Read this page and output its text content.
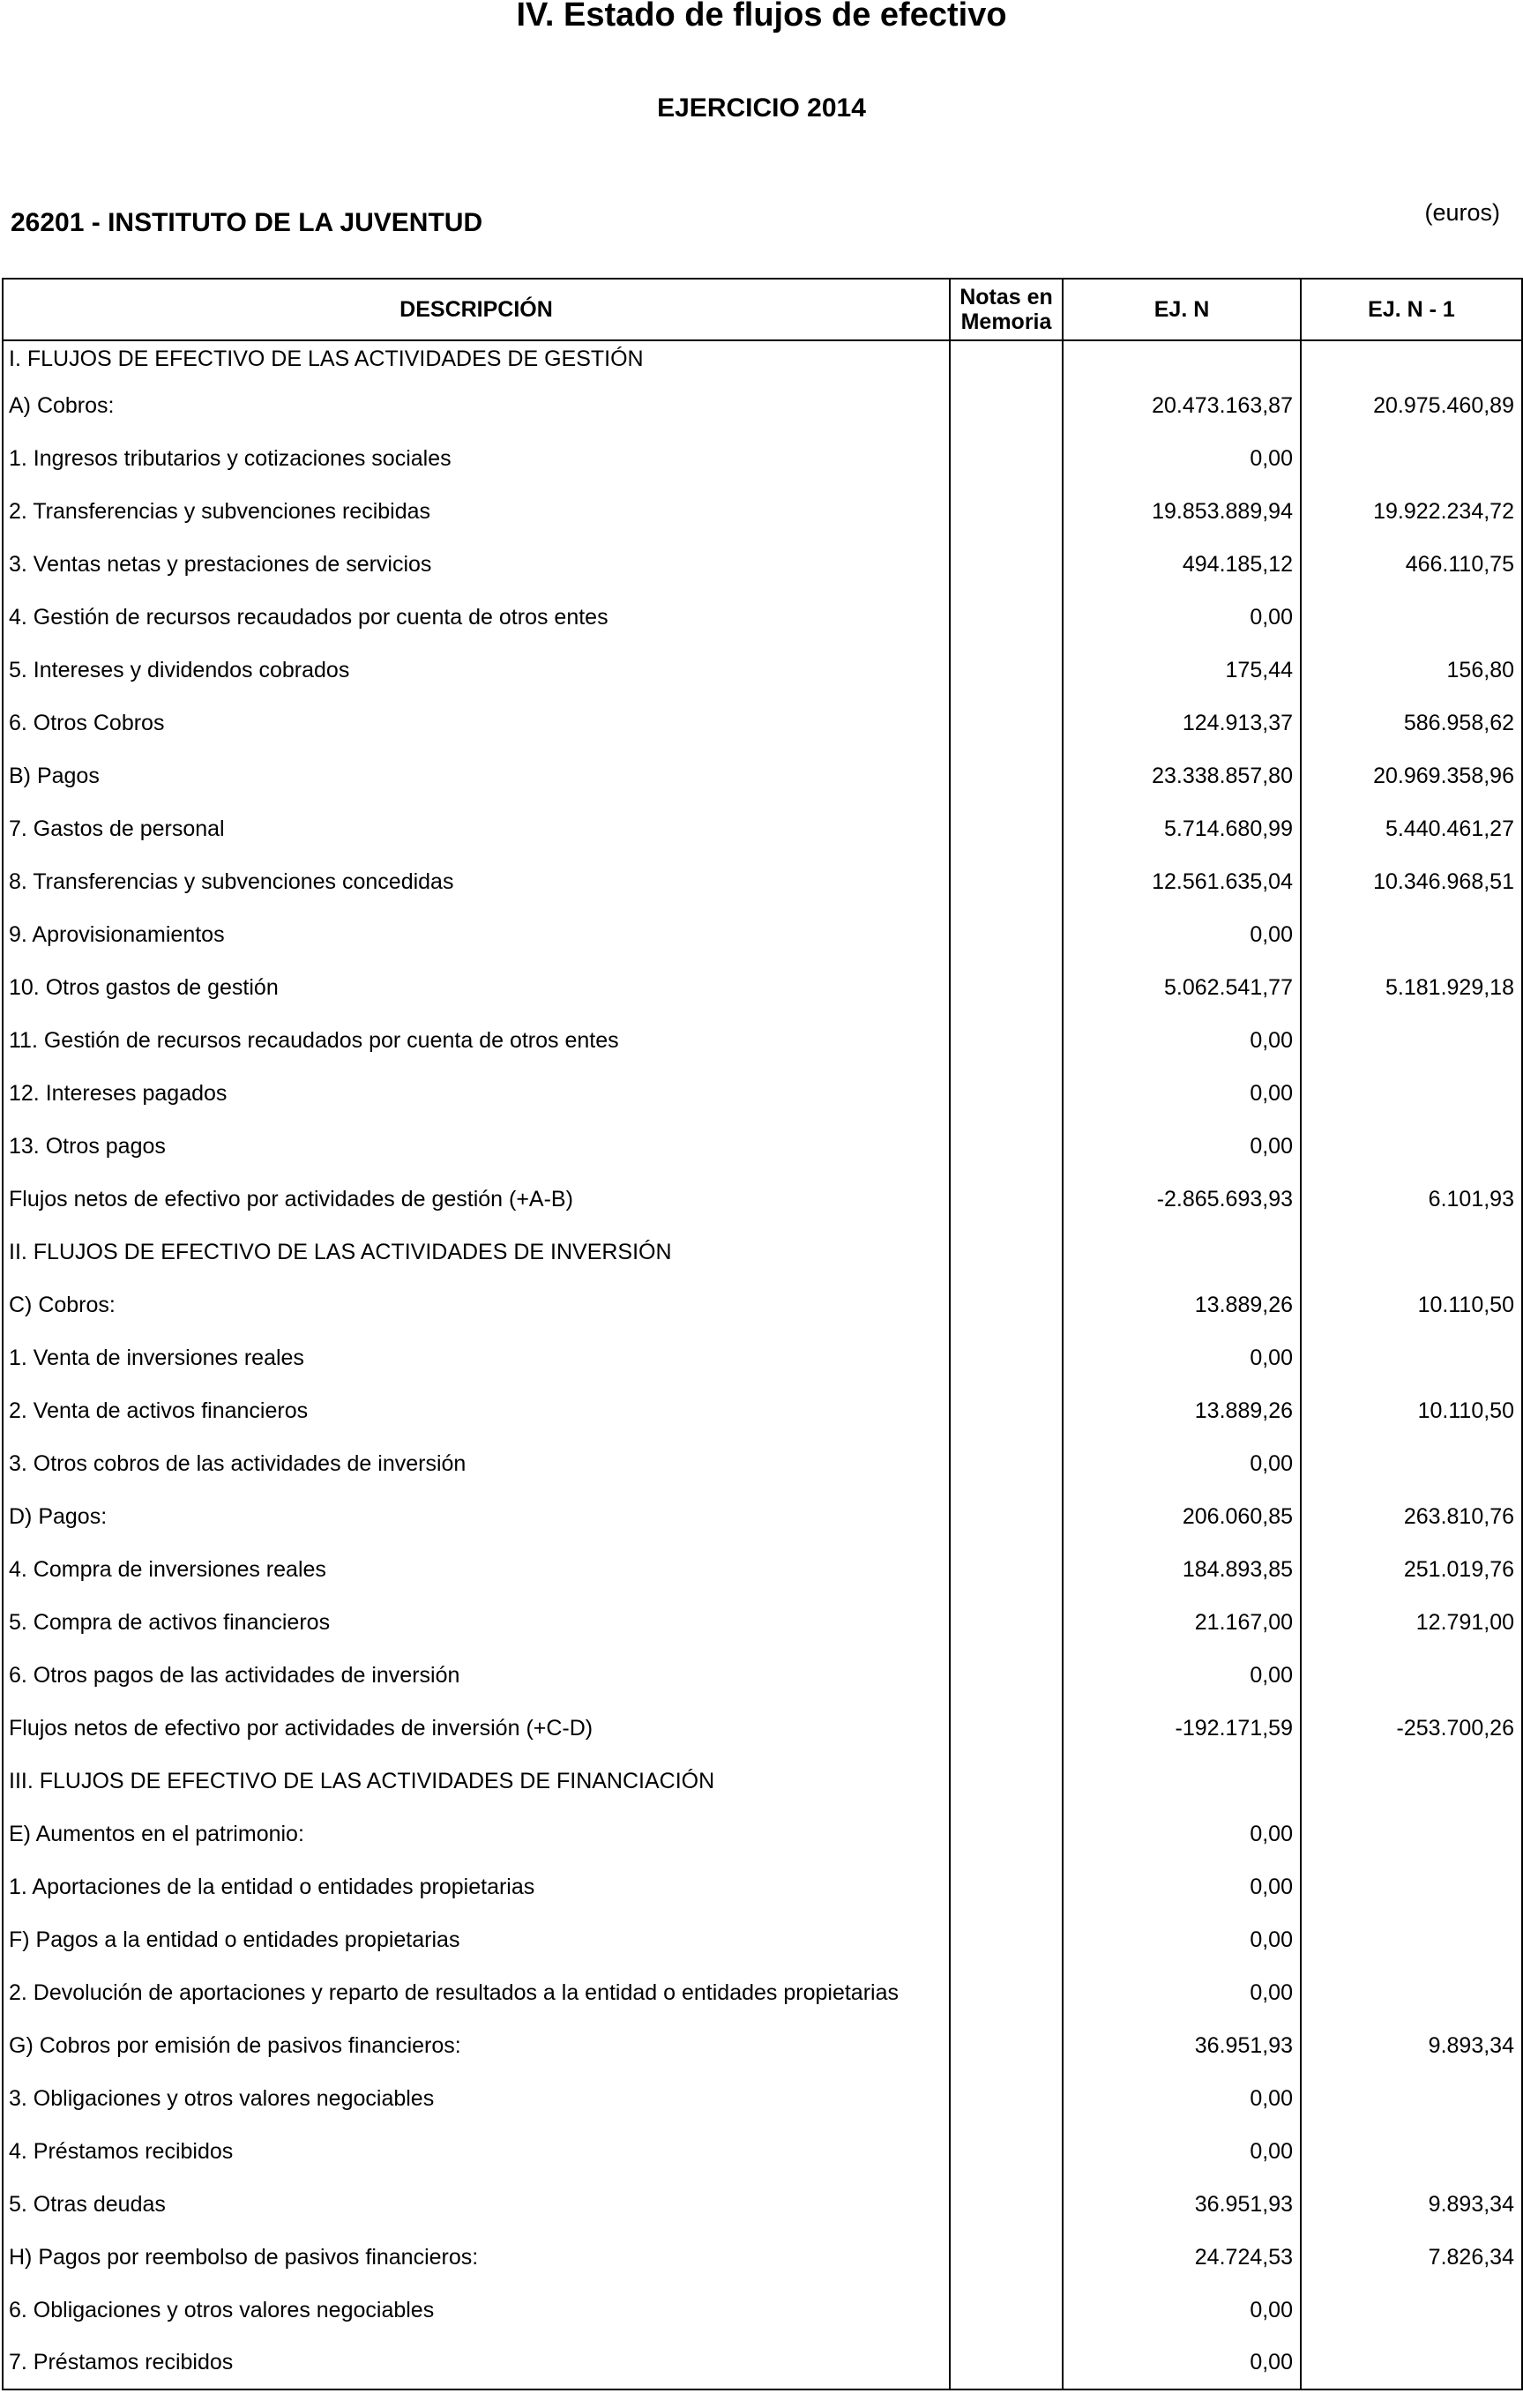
IV. Estado de flujos de efectivo
EJERCICIO 2014
26201 - INSTITUTO DE LA JUVENTUD	(euros)
DESCRIPCIÓN	Notas en Memoria	EJ. N	EJ. N - 1
I. FLUJOS DE EFECTIVO DE LAS ACTIVIDADES DE GESTIÓN			
A) Cobros:		20.473.163,87	20.975.460,89
1. Ingresos tributarios y cotizaciones sociales		0,00	
2. Transferencias y subvenciones recibidas		19.853.889,94	19.922.234,72
3. Ventas netas y prestaciones de servicios		494.185,12	466.110,75
4. Gestión de recursos recaudados por cuenta de otros entes		0,00	
5. Intereses y dividendos cobrados		175,44	156,80
6. Otros Cobros		124.913,37	586.958,62
B) Pagos		23.338.857,80	20.969.358,96
7. Gastos de personal		5.714.680,99	5.440.461,27
8. Transferencias y subvenciones concedidas		12.561.635,04	10.346.968,51
9. Aprovisionamientos		0,00	
10. Otros gastos de gestión		5.062.541,77	5.181.929,18
11. Gestión de recursos recaudados por cuenta de otros entes		0,00	
12. Intereses pagados		0,00	
13. Otros pagos		0,00	
Flujos netos de efectivo por actividades de gestión (+A-B)		-2.865.693,93	6.101,93
II. FLUJOS DE EFECTIVO DE LAS ACTIVIDADES DE INVERSIÓN			
C) Cobros:		13.889,26	10.110,50
1. Venta de inversiones reales		0,00	
2. Venta de activos financieros		13.889,26	10.110,50
3. Otros cobros de las actividades de inversión		0,00	
D) Pagos:		206.060,85	263.810,76
4. Compra de inversiones reales		184.893,85	251.019,76
5. Compra de activos financieros		21.167,00	12.791,00
6. Otros pagos de las actividades de inversión		0,00	
Flujos netos de efectivo por actividades de inversión (+C-D)		-192.171,59	-253.700,26
III. FLUJOS DE EFECTIVO DE LAS ACTIVIDADES DE FINANCIACIÓN			
E) Aumentos en el patrimonio:		0,00	
1. Aportaciones de la entidad o entidades propietarias		0,00	
F) Pagos a la entidad o entidades propietarias		0,00	
2. Devolución de aportaciones y reparto de resultados a la entidad o entidades propietarias		0,00	
G) Cobros por emisión de pasivos financieros:		36.951,93	9.893,34
3. Obligaciones y otros valores negociables		0,00	
4. Préstamos recibidos		0,00	
5. Otras deudas		36.951,93	9.893,34
H) Pagos por reembolso de pasivos financieros:		24.724,53	7.826,34
6. Obligaciones y otros valores negociables		0,00	
7. Préstamos recibidos		0,00	
